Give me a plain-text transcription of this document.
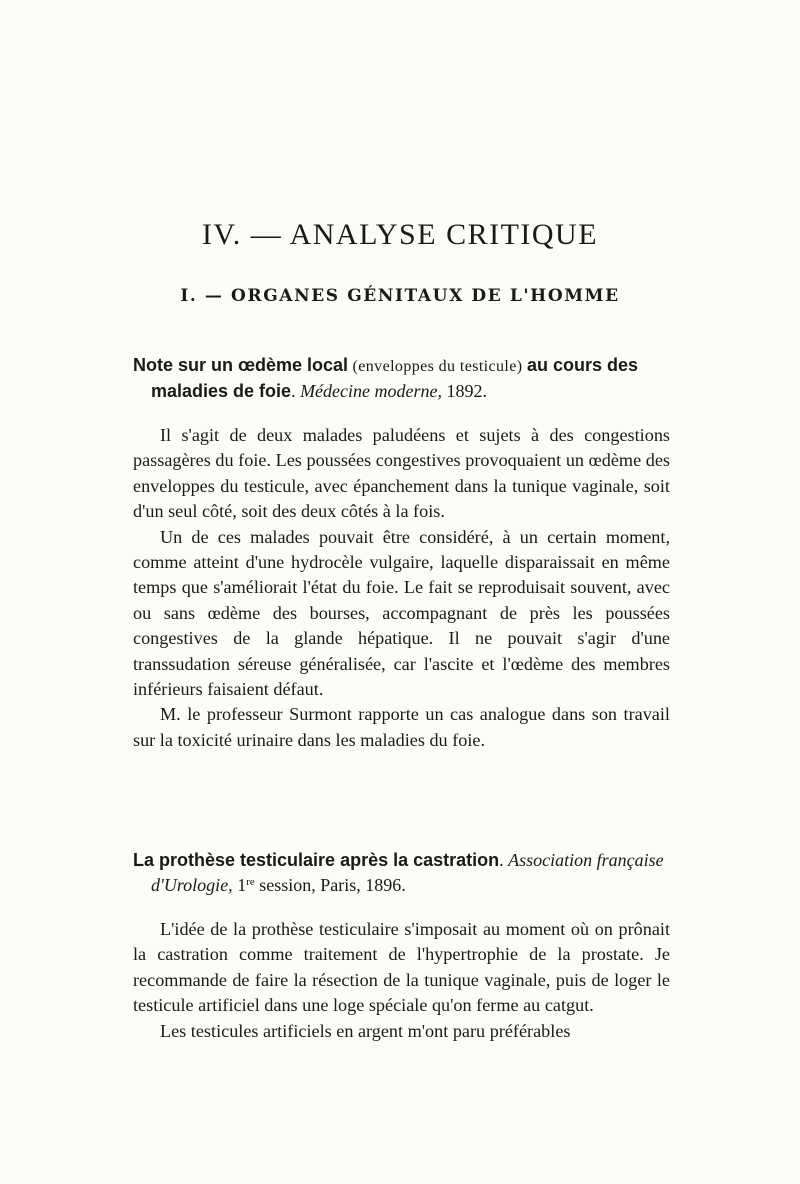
IV. — ANALYSE CRITIQUE
I. — ORGANES GÉNITAUX DE L'HOMME

Note sur un œdème local (enveloppes du testicule) au cours des maladies de foie. Médecine moderne, 1892.

Il s'agit de deux malades paludéens et sujets à des congestions passagères du foie. Les poussées congestives provoquaient un œdème des enveloppes du testicule, avec épanchement dans la tunique vaginale, soit d'un seul côté, soit des deux côtés à la fois.

Un de ces malades pouvait être considéré, à un certain moment, comme atteint d'une hydrocèle vulgaire, laquelle disparaissait en même temps que s'améliorait l'état du foie. Le fait se reproduisait souvent, avec ou sans œdème des bourses, accompagnant de près les poussées congestives de la glande hépatique. Il ne pouvait s'agir d'une transsudation séreuse généralisée, car l'ascite et l'œdème des membres inférieurs faisaient défaut.

M. le professeur Surmont rapporte un cas analogue dans son travail sur la toxicité urinaire dans les maladies du foie.

La prothèse testiculaire après la castration. Association française d'Urologie, 1re session, Paris, 1896.

L'idée de la prothèse testiculaire s'imposait au moment où on prônait la castration comme traitement de l'hypertrophie de la prostate. Je recommande de faire la résection de la tunique vaginale, puis de loger le testicule artificiel dans une loge spéciale qu'on ferme au catgut.

Les testicules artificiels en argent m'ont paru préférables
